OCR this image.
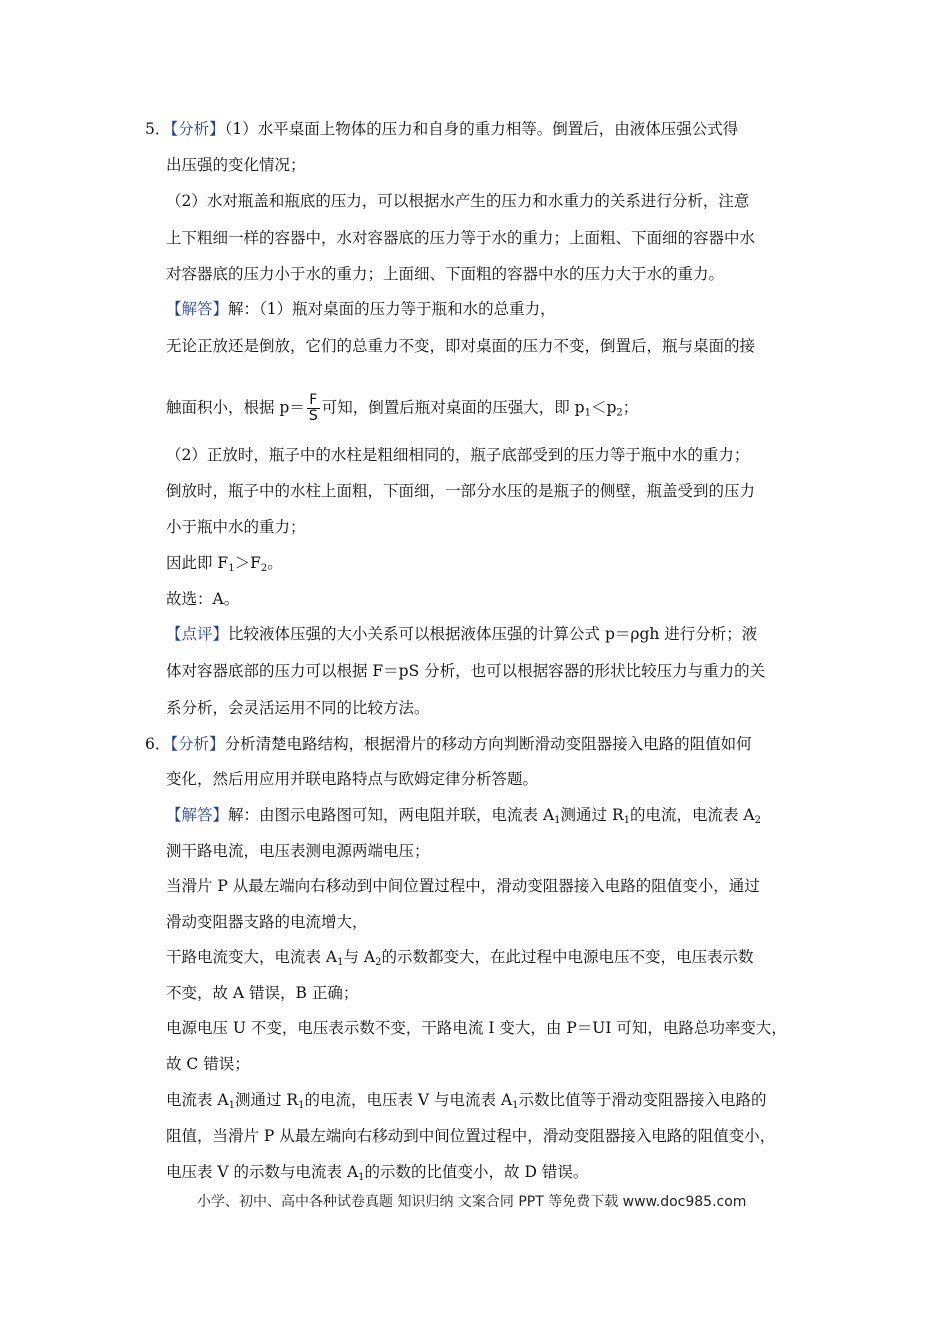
5．【分析】（1）水平桌面上物体的压力和自身的重力相等。倒置后，由液体压强公式得
出压强的变化情况；
（2）水对瓶盖和瓶底的压力，可以根据水产生的压力和水重力的关系进行分析，注意
上下粗细一样的容器中，水对容器底的压力等于水的重力；上面粗、下面细的容器中水
对容器底的压力小于水的重力；上面细、下面粗的容器中水的压力大于水的重力。
【解答】解：（1）瓶对桌面的压力等于瓶和水的总重力，
无论正放还是倒放，它们的总重力不变，即对桌面的压力不变，倒置后，瓶与桌面的接
触面积小，根据 $p= \frac{F}{S}$ 可知，倒置后瓶对桌面的压强大，即 $p_1<p_2$；
（2）正放时，瓶子中的水柱是粗细相同的，瓶子底部受到的压力等于瓶中水的重力；
倒放时，瓶子中的水柱上面粗，下面细，一部分水压的是瓶子的侧壁，瓶盖受到的压力
小于瓶中水的重力；
因此即 $F_1>F_2$。
故选：A。
【点评】比较液体压强的大小关系可以根据液体压强的计算公式 p＝ρgh 进行分析；液
体对容器底部的压力可以根据 F＝pS 分析，也可以根据容器的形状比较压力与重力的关
系分析，会灵活运用不同的比较方法。
6．【分析】分析清楚电路结构，根据滑片的移动方向判断滑动变阻器接入电路的阻值如何
变化，然后用应用并联电路特点与欧姆定律分析答题。
【解答】解：由图示电路图可知，两电阻并联，电流表 $A_1$测通过 $R_1$的电流，电流表 $A_2$
测干路电流，电压表测电源两端电压；
当滑片 P 从最左端向右移动到中间位置过程中，滑动变阻器接入电路的阻值变小，通过
滑动变阻器支路的电流增大，
干路电流变大，电流表 $A_1$与 $A_2$的示数都变大，在此过程中电源电压不变，电压表示数
不变，故 A 错误，B 正确；
电源电压 U 不变，电压表示数不变，干路电流 I 变大，由 P＝UI 可知，电路总功率变大，
故 C 错误；
电流表 $A_1$测通过 $R_1$的电流，电压表 V 与电流表 $A_1$示数比值等于滑动变阻器接入电路的
阻值，当滑片 P 从最左端向右移动到中间位置过程中，滑动变阻器接入电路的阻值变小，
电压表 V 的示数与电流表 $A_1$的示数的比值变小，故 D 错误。
小学、初中、高中各种试卷真题 知识归纳 文案合同 PPT 等免费下载 www.doc985.com
